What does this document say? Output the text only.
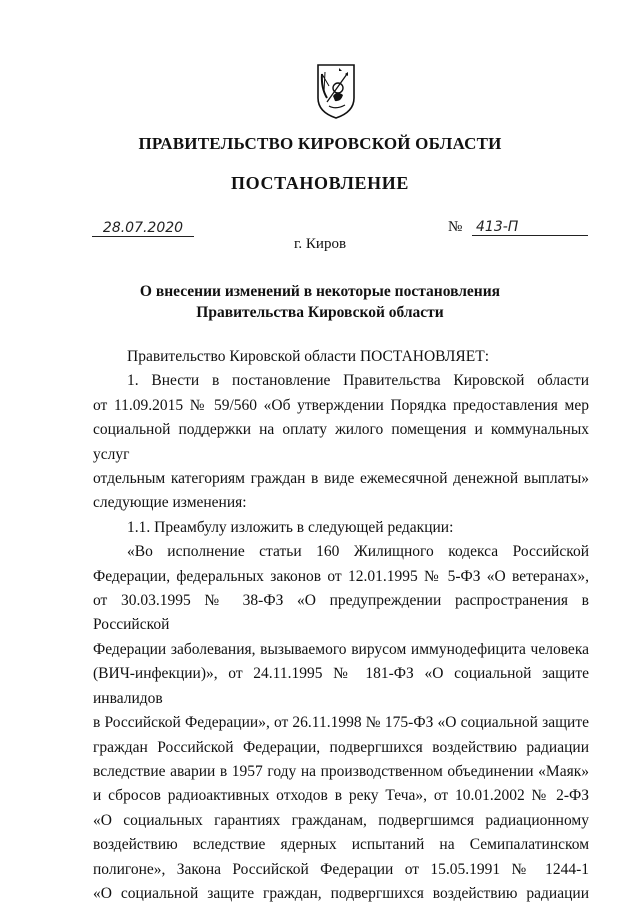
ПРАВИТЕЛЬСТВО КИРОВСКОЙ ОБЛАСТИ
ПОСТАНОВЛЕНИЕ
28.07.2020	№ 413-П
г. Киров
О внесении изменений в некоторые постановления
Правительства Кировской области

Правительство Кировской области ПОСТАНОВЛЯЕТ:

1. Внести в постановление Правительства Кировской области

от 11.09.2015 № 59/560 «Об утверждении Порядка предоставления мер

социальной поддержки на оплату жилого помещения и коммунальных услуг

отдельным категориям граждан в виде ежемесячной денежной выплаты»

следующие изменения:

1.1. Преамбулу изложить в следующей редакции:

«Во исполнение статьи 160 Жилищного кодекса Российской

Федерации, федеральных законов от 12.01.1995 № 5-ФЗ «О ветеранах»,

от 30.03.1995 № 38-ФЗ «О предупреждении распространения в Российской

Федерации заболевания, вызываемого вирусом иммунодефицита человека

(ВИЧ-инфекции)», от 24.11.1995 № 181-ФЗ «О социальной защите инвалидов

в Российской Федерации», от 26.11.1998 № 175-ФЗ «О социальной защите

граждан Российской Федерации, подвергшихся воздействию радиации

вследствие аварии в 1957 году на производственном объединении «Маяк»

и сбросов радиоактивных отходов в реку Теча», от 10.01.2002 № 2-ФЗ

«О социальных гарантиях гражданам, подвергшимся радиационному

воздействию вследствие ядерных испытаний на Семипалатинском

полигоне», Закона Российской Федерации от 15.05.1991 № 1244-1

«О социальной защите граждан, подвергшихся воздействию радиации
